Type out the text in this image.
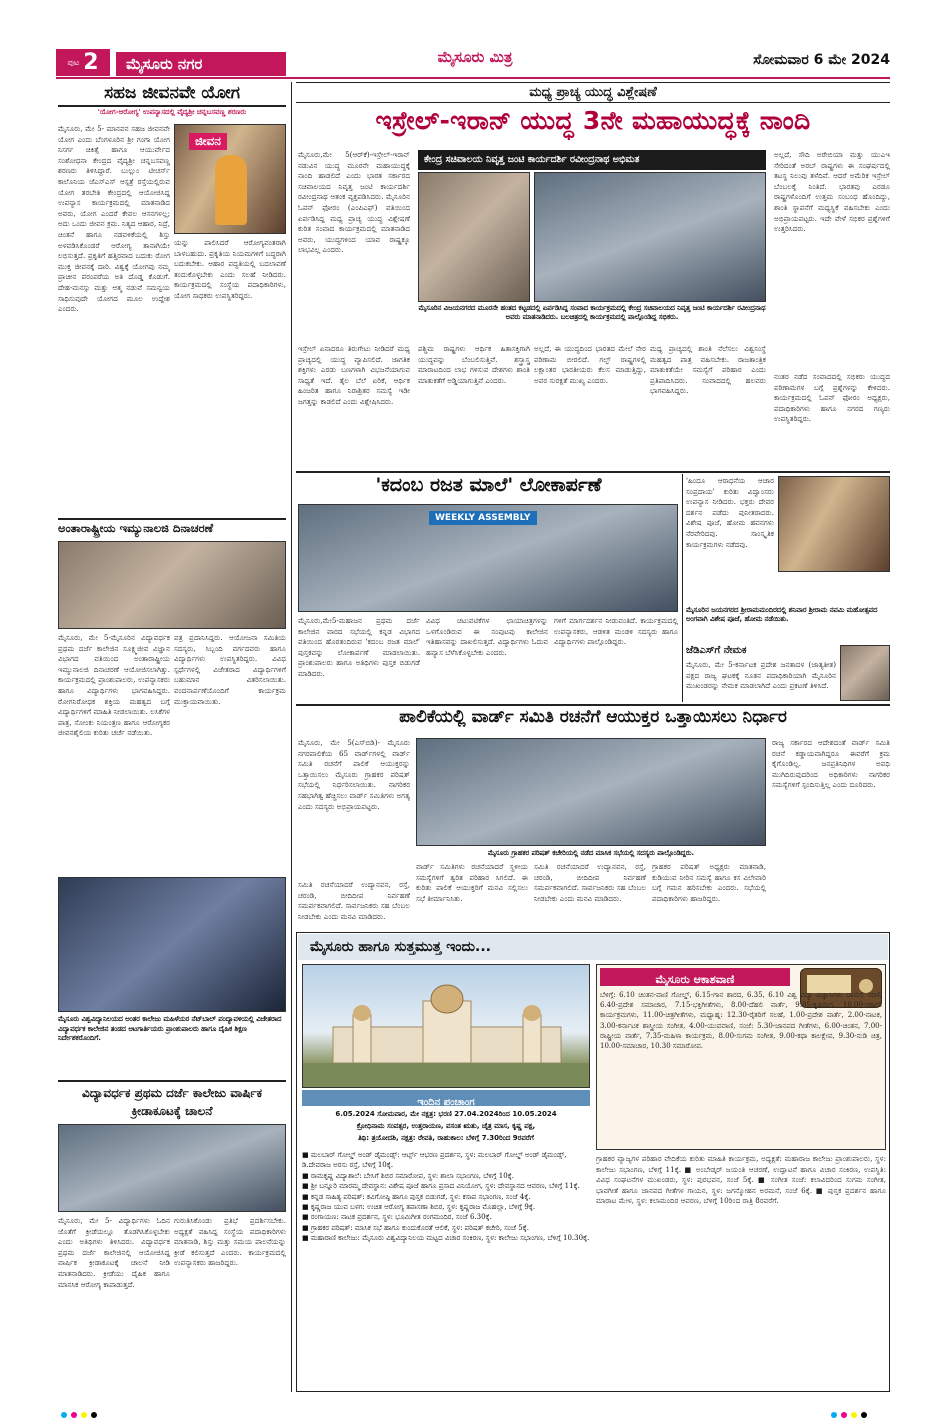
ಪುಟ 2	ಮೈಸೂರು ನಗರ	ಮೈಸೂರು ಮಿತ್ರ	ಸೋಮವಾರ 6 ಮೇ 2024
ಸಹಜ ಜೀವನವೇ ಯೋಗ
'ಯೋಗ-ಆರೋಗ್ಯ' ಉಪನ್ಯಾಸದಲ್ಲಿ ವೈದ್ಯಶ್ರೀ ಚನ್ನಬಸವಣ್ಣ ಶರಣರು
ಮೈಸೂರು, ಮೇ 5- ಮಾನವನ ಸಹಜ ಜೀವನವೇ ಯೋಗ ಎಂದು ಬೆಂಗಳೂರಿನ ಶ್ರೀ ಗಂಗಾ ಯೋಗ ನಿಸರ್ಗ ಚಿಕಿತ್ಸೆ ಹಾಗೂ ಆಯುರ್ವೇದ ಸಂಶೋಧನಾ ಕೇಂದ್ರದ ವೈದ್ಯಶ್ರೀ ಚನ್ನಬಸವಣ್ಣ ಶರಣರು ತಿಳಿಸಿದ್ದಾರೆ. ಬುಲ್ಲುಂ ಟೀಚರ್ಸ್ ಕಾಲೊನಿಯ ಜೆಎಸ್‌ಎಸ್ ಆಸ್ಪತ್ರೆ ರಸ್ತೆಯಲ್ಲಿರುವ ಯೋಗ ತರಬೇತಿ ಕೇಂದ್ರದಲ್ಲಿ ಆಯೋಜಿಸಿದ್ದ ಉಪನ್ಯಾಸ ಕಾರ್ಯಕ್ರಮದಲ್ಲಿ ಮಾತನಾಡಿದ ಅವರು, ಯೋಗ ಎಂದರೆ ಕೇವಲ ಆಸನಗಳಲ್ಲ; ಅದು ಒಂದು ಜೀವನ ಕ್ರಮ. ನಿತ್ಯದ ಆಹಾರ, ನಿದ್ರೆ, ಚಿಂತನೆ ಹಾಗೂ ನಡವಳಿಕೆಯಲ್ಲಿ ಶಿಸ್ತು ಅಳವಡಿಸಿಕೊಂಡರೆ ಆರೋಗ್ಯ ತಾನಾಗಿಯೇ ಲಭಿಸುತ್ತದೆ. ಪ್ರಕೃತಿಗೆ ಹತ್ತಿರವಾದ ಬದುಕು ರೋಗ ಮುಕ್ತ ಜೀವನಕ್ಕೆ ದಾರಿ. ವಿಶ್ವಕ್ಕೆ ಯೋಗವು ನಮ್ಮ ಪ್ರಾಚೀನ ಪರಂಪರೆಯ ಅತಿ ದೊಡ್ಡ ಕೊಡುಗೆ. ದೇಹ-ಮನಸ್ಸು ಮತ್ತು ಆತ್ಮ ನಡುವೆ ಸಮನ್ವಯ ಸಾಧಿಸುವುದೇ ಯೋಗದ ಮೂಲ ಉದ್ದೇಶ ಎಂದರು.
ಜೀವನ
ಯನ್ನು ಪಾಲಿಸಿದರೆ ಆರೋಗ್ಯವಂತರಾಗಿ ಬಾಳಬಹುದು. ಪ್ರಕೃತಿಯ ನಿಯಮಗಳಿಗೆ ಬದ್ಧರಾಗಿ ಬದುಕಬೇಕು. ಆಹಾರ ಪದ್ಧತಿಯಲ್ಲಿ ಬದಲಾವಣೆ ತಂದುಕೊಳ್ಳಬೇಕು ಎಂದು ಸಲಹೆ ನೀಡಿದರು. ಕಾರ್ಯಕ್ರಮದಲ್ಲಿ ಸಂಸ್ಥೆಯ ಪದಾಧಿಕಾರಿಗಳು, ಯೋಗ ಸಾಧಕರು ಉಪಸ್ಥಿತರಿದ್ದರು.
ಅಂತಾರಾಷ್ಟ್ರೀಯ ಇಮ್ಯುನಾಲಜಿ ದಿನಾಚರಣೆ
ಮೈಸೂರು, ಮೇ 5-ಮೈಸೂರಿನ ವಿದ್ಯಾವರ್ಧಕ ಪ್ರಥಮ ದರ್ಜೆ ಕಾಲೇಜಿನ ಸೂಕ್ಷ್ಮಜೀವ ವಿಜ್ಞಾನ ವಿಭಾಗದ ವತಿಯಿಂದ ಅಂತಾರಾಷ್ಟ್ರೀಯ ಇಮ್ಯುನಾಲಜಿ ದಿನಾಚರಣೆ ಆಯೋಜಿಸಲಾಗಿತ್ತು. ಕಾರ್ಯಕ್ರಮದಲ್ಲಿ ಪ್ರಾಂಶುಪಾಲರು, ಉಪನ್ಯಾಸಕರು ಹಾಗೂ ವಿದ್ಯಾರ್ಥಿಗಳು ಭಾಗವಹಿಸಿದ್ದರು. ರೋಗನಿರೋಧಕ ಶಕ್ತಿಯ ಮಹತ್ವದ ಬಗ್ಗೆ ವಿದ್ಯಾರ್ಥಿಗಳಿಗೆ ಮಾಹಿತಿ ನೀಡಲಾಯಿತು. ಲಸಿಕೆಗಳ ಪಾತ್ರ, ಸೋಂಕು ನಿಯಂತ್ರಣ ಹಾಗೂ ಆರೋಗ್ಯಕರ ಜೀವನಶೈಲಿಯ ಕುರಿತು ಚರ್ಚೆ ನಡೆಯಿತು.
ಪತ್ರ ಪ್ರದಾನಿಸಿದ್ದರು. ಆಯೋಜನಾ ಸಮಿತಿಯ ಸದಸ್ಯರು, ಸಿಬ್ಬಂದಿ ವರ್ಗದವರು ಹಾಗೂ ವಿದ್ಯಾರ್ಥಿಗಳು ಉಪಸ್ಥಿತರಿದ್ದರು. ವಿವಿಧ ಸ್ಪರ್ಧೆಗಳಲ್ಲಿ ವಿಜೇತರಾದ ವಿದ್ಯಾರ್ಥಿಗಳಿಗೆ ಬಹುಮಾನ ವಿತರಿಸಲಾಯಿತು. ವಂದನಾರ್ಪಣೆಯೊಂದಿಗೆ ಕಾರ್ಯಕ್ರಮ ಮುಕ್ತಾಯವಾಯಿತು.
ಮೈಸೂರು ವಿಶ್ವವಿದ್ಯಾನಿಲಯದ ಅಂತರ ಕಾಲೇಜು ಮಹಿಳೆಯರ ನೆಟ್‌ಬಾಲ್ ಪಂದ್ಯಾವಳಿಯಲ್ಲಿ ವಿಜೇತರಾದ ವಿದ್ಯಾವರ್ಧಕ ಕಾಲೇಜಿನ ತಂಡದ ಆಟಗಾರ್ತಿಯರು ಪ್ರಾಂಶುಪಾಲರು ಹಾಗೂ ದೈಹಿಕ ಶಿಕ್ಷಣ ನಿರ್ದೇಶಕರೊಂದಿಗೆ.
ವಿದ್ಯಾವರ್ಧಕ ಪ್ರಥಮ ದರ್ಜೆ ಕಾಲೇಜು ವಾರ್ಷಿಕ ಕ್ರೀಡಾಕೂಟಕ್ಕೆ ಚಾಲನೆ
ಮೈಸೂರು, ಮೇ 5- ವಿದ್ಯಾರ್ಥಿಗಳು ಓದಿನ ಜೊತೆಗೆ ಕ್ರೀಡೆಯಲ್ಲೂ ತೊಡಗಿಸಿಕೊಳ್ಳಬೇಕು ಎಂದು ಅತಿಥಿಗಳು ತಿಳಿಸಿದರು. ವಿದ್ಯಾವರ್ಧಕ ಪ್ರಥಮ ದರ್ಜೆ ಕಾಲೇಜಿನಲ್ಲಿ ಆಯೋಜಿಸಿದ್ದ ವಾರ್ಷಿಕ ಕ್ರೀಡಾಕೂಟಕ್ಕೆ ಚಾಲನೆ ನೀಡಿ ಮಾತನಾಡಿದರು. ಕ್ರೀಡೆಯು ದೈಹಿಕ ಹಾಗೂ ಮಾನಸಿಕ ಆರೋಗ್ಯ ಕಾಪಾಡುತ್ತದೆ.
ಗುರುತಿಸಿಕೊಂಡು ಪ್ರತಿಭೆ ಪ್ರದರ್ಶಿಸಬೇಕು. ಅಧ್ಯಕ್ಷತೆ ವಹಿಸಿದ್ದ ಸಂಸ್ಥೆಯ ಪದಾಧಿಕಾರಿಗಳು ಮಾತನಾಡಿ, ಶಿಸ್ತು ಮತ್ತು ಸಮಯ ಪಾಲನೆಯನ್ನು ಕ್ರೀಡೆ ಕಲಿಸುತ್ತದೆ ಎಂದರು. ಕಾರ್ಯಕ್ರಮದಲ್ಲಿ ಉಪನ್ಯಾಸಕರು ಹಾಜರಿದ್ದರು.
ಮಧ್ಯ ಪ್ರಾಚ್ಯ ಯುದ್ಧ ವಿಶ್ಲೇಷಣೆ
ಇಸ್ರೇಲ್-ಇರಾನ್ ಯುದ್ಧ 3ನೇ ಮಹಾಯುದ್ಧಕ್ಕೆ ನಾಂದಿ
ಮೈಸೂರು,ಮೇ 5(ಆರ್‌ಕೆ)-ಇಸ್ರೇಲ್-ಇರಾನ್ ನಡುವಿನ ಯುದ್ಧ ಮೂರನೇ ಮಹಾಯುದ್ಧಕ್ಕೆ ನಾಂದಿ ಹಾಡಲಿದೆ ಎಂದು ಭಾರತ ಸರ್ಕಾರದ ಸಚಿವಾಲಯದ ನಿವೃತ್ತ ಜಂಟಿ ಕಾರ್ಯದರ್ಶಿ ರವೀಂದ್ರನಾಥ ಆತಂಕ ವ್ಯಕ್ತಪಡಿಸಿದರು. ಮೈಸೂರಿನ ಓಪನ್ ಫೋರಂ (ಎಂಪಿಎಫ್) ವತಿಯಿಂದ ಏರ್ಪಡಿಸಿದ್ದ ಮಧ್ಯ ಪ್ರಾಚ್ಯ ಯುದ್ಧ ವಿಶ್ಲೇಷಣೆ ಕುರಿತ ಸಂವಾದ ಕಾರ್ಯಕ್ರಮದಲ್ಲಿ ಮಾತನಾಡಿದ ಅವರು, ಯುದ್ಧಗಳಿಂದ ಯಾವ ರಾಷ್ಟ್ರಕ್ಕೂ ಲಾಭವಿಲ್ಲ ಎಂದರು.
ಕೇಂದ್ರ ಸಚಿವಾಲಯ ನಿವೃತ್ತ ಜಂಟಿ ಕಾರ್ಯದರ್ಶಿ ರವೀಂದ್ರನಾಥ ಅಭಿಮತ
ಮೈಸೂರಿನ ವಿಜಯನಗರದ ಮೂರನೇ ಹಂತದ ಕಟ್ಟಡದಲ್ಲಿ ಏರ್ಪಡಿಸಿದ್ದ ಸಂವಾದ ಕಾರ್ಯಕ್ರಮದಲ್ಲಿ ಕೇಂದ್ರ ಸಚಿವಾಲಯದ ನಿವೃತ್ತ ಜಂಟಿ ಕಾರ್ಯದರ್ಶಿ ರವೀಂದ್ರನಾಥ ಅವರು ಮಾತನಾಡಿದರು. ಬಲಚಿತ್ರದಲ್ಲಿ ಕಾರ್ಯಕ್ರಮದಲ್ಲಿ ಪಾಲ್ಗೊಂಡಿದ್ದ ಸಭಿಕರು.
ಅಲ್ಲದೆ, ಸೌದಿ ಅರೇಬಿಯಾ ಮತ್ತು ಯುಎಇ ಸೇರಿದಂತೆ ಅರಬ್ ರಾಷ್ಟ್ರಗಳು ಈ ಸಂಘರ್ಷದಲ್ಲಿ ತಟಸ್ಥ ನಿಲುವು ತಳೆದಿವೆ. ಆದರೆ ಅಮೆರಿಕ ಇಸ್ರೇಲ್ ಬೆಂಬಲಕ್ಕೆ ನಿಂತಿದೆ. ಭಾರತವು ಎರಡೂ ರಾಷ್ಟ್ರಗಳೊಂದಿಗೆ ಉತ್ತಮ ಸಂಬಂಧ ಹೊಂದಿದ್ದು, ಶಾಂತಿ ಸ್ಥಾಪನೆಗೆ ಮಧ್ಯಸ್ಥಿಕೆ ವಹಿಸಬೇಕು ಎಂದು ಅಭಿಪ್ರಾಯಪಟ್ಟರು. ಇದೇ ವೇಳೆ ಸಭಿಕರ ಪ್ರಶ್ನೆಗಳಿಗೆ ಉತ್ತರಿಸಿದರು.
ನಂತರ ನಡೆದ ಸಂವಾದದಲ್ಲಿ ಸಭಿಕರು ಯುದ್ಧದ ಪರಿಣಾಮಗಳ ಬಗ್ಗೆ ಪ್ರಶ್ನೆಗಳನ್ನು ಕೇಳಿದರು. ಕಾರ್ಯಕ್ರಮದಲ್ಲಿ ಓಪನ್ ಫೋರಂ ಅಧ್ಯಕ್ಷರು, ಪದಾಧಿಕಾರಿಗಳು ಹಾಗೂ ನಗರದ ಗಣ್ಯರು ಉಪಸ್ಥಿತರಿದ್ದರು.
ಇಸ್ರೇಲ್ ಏನಾದರೂ ತಿರುಗೇಟು ನೀಡಿದರೆ ಮಧ್ಯ ಪ್ರಾಚ್ಯದಲ್ಲಿ ಯುದ್ಧ ವ್ಯಾಪಿಸಲಿದೆ. ಜಾಗತಿಕ ಶಕ್ತಿಗಳು ಎರಡು ಬಣಗಳಾಗಿ ವಿಭಜನೆಯಾಗುವ ಸಾಧ್ಯತೆ ಇದೆ. ತೈಲ ಬೆಲೆ ಏರಿಕೆ, ಆರ್ಥಿಕ ಹಿಂಜರಿತ ಹಾಗೂ ನಿರಾಶ್ರಿತರ ಸಮಸ್ಯೆ ಇಡೀ ಜಗತ್ತನ್ನು ಕಾಡಲಿದೆ ಎಂದು ವಿಶ್ಲೇಷಿಸಿದರು.
ಪಶ್ಚಿಮ ರಾಷ್ಟ್ರಗಳು ಆರ್ಥಿಕ ಹಿತಾಸಕ್ತಿಗಾಗಿ ಯುದ್ಧವನ್ನು ಬೆಂಬಲಿಸುತ್ತಿವೆ. ಶಸ್ತ್ರಾಸ್ತ್ರ ಮಾರಾಟದಿಂದ ಲಾಭ ಗಳಿಸುವ ದೇಶಗಳು ಶಾಂತಿ ಮಾತುಕತೆಗೆ ಅಡ್ಡಿಯಾಗುತ್ತಿವೆ ಎಂದರು.
ಅಲ್ಲದೆ, ಈ ಯುದ್ಧದಿಂದ ಭಾರತದ ಮೇಲೆ ನೇರ ಪರಿಣಾಮ ಬೀರಲಿದೆ. ಗಲ್ಫ್ ರಾಷ್ಟ್ರಗಳಲ್ಲಿ ಲಕ್ಷಾಂತರ ಭಾರತೀಯರು ಕೆಲಸ ಮಾಡುತ್ತಿದ್ದು, ಅವರ ಸುರಕ್ಷತೆ ಮುಖ್ಯ ಎಂದರು.
ಮಧ್ಯ ಪ್ರಾಚ್ಯದಲ್ಲಿ ಶಾಂತಿ ನೆಲೆಸಲು ವಿಶ್ವಸಂಸ್ಥೆ ಮಹತ್ವದ ಪಾತ್ರ ವಹಿಸಬೇಕು. ರಾಜತಾಂತ್ರಿಕ ಮಾತುಕತೆಯೇ ಸಮಸ್ಯೆಗೆ ಪರಿಹಾರ ಎಂದು ಪ್ರತಿಪಾದಿಸಿದರು. ಸಂವಾದದಲ್ಲಿ ಹಲವರು ಭಾಗವಹಿಸಿದ್ದರು.
'ಕದಂಬ ರಜತ ಮಾಲೆ' ಲೋಕಾರ್ಪಣೆ
WEEKLY ASSEMBLY
ಮೈಸೂರು,ಮೇ5-ಮಹಾಜನ ಪ್ರಥಮ ದರ್ಜೆ ಕಾಲೇಜಿನ ವಾರದ ಸಭೆಯಲ್ಲಿ ಕನ್ನಡ ವಿಭಾಗದ ವತಿಯಿಂದ ಹೊರತಂದಿರುವ 'ಕದಂಬ ರಜತ ಮಾಲೆ' ಪುಸ್ತಕವನ್ನು ಲೋಕಾರ್ಪಣೆ ಮಾಡಲಾಯಿತು. ಪ್ರಾಂಶುಪಾಲರು ಹಾಗೂ ಅತಿಥಿಗಳು ಪುಸ್ತಕ ಬಿಡುಗಡೆ ಮಾಡಿದರು.
ವಿವಿಧ ಚಟುವಟಿಕೆಗಳ ಛಾಯಾಚಿತ್ರಗಳನ್ನು ಒಳಗೊಂಡಿರುವ ಈ ಸಂಪುಟವು ಕಾಲೇಜಿನ ಇತಿಹಾಸವನ್ನು ದಾಖಲಿಸುತ್ತದೆ. ವಿದ್ಯಾರ್ಥಿಗಳು ಓದುವ ಹವ್ಯಾಸ ಬೆಳೆಸಿಕೊಳ್ಳಬೇಕು ಎಂದರು.
ಗಳಿಗೆ ಮಾರ್ಗದರ್ಶನ ನೀಡುವಂತಿದೆ. ಕಾರ್ಯಕ್ರಮದಲ್ಲಿ ಉಪನ್ಯಾಸಕರು, ಆಡಳಿತ ಮಂಡಳಿ ಸದಸ್ಯರು ಹಾಗೂ ವಿದ್ಯಾರ್ಥಿಗಳು ಪಾಲ್ಗೊಂಡಿದ್ದರು.
'ಹಿಂದೂ ಆರಾಧನೆಯ ಆಚಾರ ಸಂಪ್ರದಾಯ' ಕುರಿತು ವಿದ್ವಾಂಸರು ಉಪನ್ಯಾಸ ನೀಡಿದರು. ಭಕ್ತರು ದೇವರ ದರ್ಶನ ಪಡೆದು ಪುನೀತರಾದರು. ವಿಶೇಷ ಪೂಜೆ, ಹೋಮ ಹವನಗಳು ನೆರವೇರಿದವು. ಸಾಂಸ್ಕೃತಿಕ ಕಾರ್ಯಕ್ರಮಗಳು ನಡೆದವು.
ಮೈಸೂರಿನ ಜಯನಗರದ ಶ್ರೀರಾಮಮಂದಿರದಲ್ಲಿ ಶನಿವಾರ ಶ್ರೀರಾಮ ನವಮಿ ಮಹೋತ್ಸವದ ಅಂಗವಾಗಿ ವಿಶೇಷ ಪೂಜೆ, ಹೋಮ ನಡೆಯಿತು.
ಜೆಡಿಎಸ್‌ಗೆ ನೇಮಕ
ಮೈಸೂರು, ಮೇ 5-ಕರ್ನಾಟಕ ಪ್ರದೇಶ ಜನತಾದಳ (ಜಾತ್ಯತೀತ) ಪಕ್ಷದ ರಾಜ್ಯ ಘಟಕಕ್ಕೆ ನೂತನ ಪದಾಧಿಕಾರಿಯಾಗಿ ಮೈಸೂರಿನ ಮುಖಂಡರನ್ನು ನೇಮಕ ಮಾಡಲಾಗಿದೆ ಎಂದು ಪ್ರಕಟಣೆ ತಿಳಿಸಿದೆ.
ಪಾಲಿಕೆಯಲ್ಲಿ ವಾರ್ಡ್ ಸಮಿತಿ ರಚನೆಗೆ ಆಯುಕ್ತರ ಒತ್ತಾಯಿಸಲು ನಿರ್ಧಾರ
ಮೈಸೂರು, ಮೇ 5(ಎಸ್‌ಬಿಡಿ)- ಮೈಸೂರು ನಗರಪಾಲಿಕೆಯ 65 ವಾರ್ಡ್‌ಗಳಲ್ಲಿ ವಾರ್ಡ್ ಸಮಿತಿ ರಚನೆಗೆ ಪಾಲಿಕೆ ಆಯುಕ್ತರನ್ನು ಒತ್ತಾಯಿಸಲು ಮೈಸೂರು ಗ್ರಾಹಕರ ಪರಿಷತ್ ಸಭೆಯಲ್ಲಿ ನಿರ್ಧರಿಸಲಾಯಿತು. ನಾಗರಿಕರ ಸಹಭಾಗಿತ್ವ ಹೆಚ್ಚಿಸಲು ವಾರ್ಡ್ ಸಮಿತಿಗಳು ಅಗತ್ಯ ಎಂದು ಸದಸ್ಯರು ಅಭಿಪ್ರಾಯಪಟ್ಟರು.
ಮೈಸೂರು ಗ್ರಾಹಕರ ಪರಿಷತ್ ಕಚೇರಿಯಲ್ಲಿ ನಡೆದ ಮಾಸಿಕ ಸಭೆಯಲ್ಲಿ ಸದಸ್ಯರು ಪಾಲ್ಗೊಂಡಿದ್ದರು.
ರಾಜ್ಯ ಸರ್ಕಾರದ ಆದೇಶದಂತೆ ವಾರ್ಡ್ ಸಮಿತಿ ರಚನೆ ಕಡ್ಡಾಯವಾಗಿದ್ದರೂ ಈವರೆಗೆ ಕ್ರಮ ಕೈಗೊಂಡಿಲ್ಲ. ಜನಪ್ರತಿನಿಧಿಗಳ ಅವಧಿ ಮುಗಿದಿರುವುದರಿಂದ ಅಧಿಕಾರಿಗಳು ನಾಗರಿಕರ ಸಮಸ್ಯೆಗಳಿಗೆ ಸ್ಪಂದಿಸುತ್ತಿಲ್ಲ ಎಂದು ದೂರಿದರು.
ವಾರ್ಡ್ ಸಮಿತಿಗಳು ರಚನೆಯಾದರೆ ಸ್ಥಳೀಯ ಸಮಸ್ಯೆಗಳಿಗೆ ತ್ವರಿತ ಪರಿಹಾರ ಸಿಗಲಿದೆ. ಈ ಕುರಿತು ಪಾಲಿಕೆ ಆಯುಕ್ತರಿಗೆ ಮನವಿ ಸಲ್ಲಿಸಲು ಸಭೆ ತೀರ್ಮಾನಿಸಿತು.
ಸಮಿತಿ ರಚನೆಯಾದರೆ ಉದ್ಯಾನವನ, ರಸ್ತೆ, ಚರಂಡಿ, ಬೀದಿದೀಪ ನಿರ್ವಹಣೆ ಸಮರ್ಪಕವಾಗಲಿದೆ. ಸಾರ್ವಜನಿಕರು ಸಹ ಬೆಂಬಲ ನೀಡಬೇಕು ಎಂದು ಮನವಿ ಮಾಡಿದರು.
ಗ್ರಾಹಕರ ಪರಿಷತ್ ಅಧ್ಯಕ್ಷರು ಮಾತನಾಡಿ, ಕುಡಿಯುವ ನೀರಿನ ಸಮಸ್ಯೆ ಹಾಗೂ ಕಸ ವಿಲೇವಾರಿ ಬಗ್ಗೆ ಗಮನ ಹರಿಸಬೇಕು ಎಂದರು. ಸಭೆಯಲ್ಲಿ ಪದಾಧಿಕಾರಿಗಳು ಹಾಜರಿದ್ದರು.
ಸಮಿತಿ ರಚನೆಯಾದರೆ ಉದ್ಯಾನವನ, ರಸ್ತೆ, ಚರಂಡಿ, ಬೀದಿದೀಪ ನಿರ್ವಹಣೆ ಸಮರ್ಪಕವಾಗಲಿದೆ. ಸಾರ್ವಜನಿಕರು ಸಹ ಬೆಂಬಲ ನೀಡಬೇಕು ಎಂದು ಮನವಿ ಮಾಡಿದರು.
ಮೈಸೂರು ಹಾಗೂ ಸುತ್ತಮುತ್ತ ಇಂದು...
ಇಂದಿನ ಪಂಚಾಂಗ
6.05.2024 ಸೋಮವಾರ, ಮೇ ನಕ್ಷತ್ರ: ಭರಣಿ 27.04.2024ರಿಂದ 10.05.2024
ಕ್ರೋಧಿನಾಮ ಸಂವತ್ಸರ, ಉತ್ತರಾಯಣ, ವಸಂತ ಋತು, ಚೈತ್ರ ಮಾಸ, ಕೃಷ್ಣ ಪಕ್ಷ,
ತಿಥಿ: ತ್ರಯೋದಶಿ, ನಕ್ಷತ್ರ: ರೇವತಿ, ರಾಹುಕಾಲ: ಬೆಳಿಗ್ಗೆ 7.30ರಿಂದ 9ರವರೆಗೆ
■ ಮಲಬಾರ್ ಗೋಲ್ಡ್ ಅಂಡ್ ಡೈಮಂಡ್ಸ್: ಆರ್ಟ್ಸ್ ಆಭರಣ ಪ್ರದರ್ಶನ, ಸ್ಥಳ: ಮಲಬಾರ್ ಗೋಲ್ಡ್ ಅಂಡ್ ಡೈಮಂಡ್ಸ್, ಡಿ.ದೇವರಾಜ ಅರಸು ರಸ್ತೆ, ಬೆಳಿಗ್ಗೆ 10ಕ್ಕೆ.
■ ರಾಮಕೃಷ್ಣ ವಿದ್ಯಾಶಾಲೆ: ಬೇಸಿಗೆ ಶಿಬಿರ ಸಮಾರೋಪ, ಸ್ಥಳ: ಶಾಲಾ ಸಭಾಂಗಣ, ಬೆಳಿಗ್ಗೆ 10ಕ್ಕೆ.
■ ಶ್ರೀ ಬನ್ನೂರಿ ಮಾರಮ್ಮ ದೇವಸ್ಥಾನ: ವಿಶೇಷ ಪೂಜೆ ಹಾಗೂ ಪ್ರಸಾದ ವಿನಿಯೋಗ, ಸ್ಥಳ: ದೇವಸ್ಥಾನದ ಆವರಣ, ಬೆಳಿಗ್ಗೆ 11ಕ್ಕೆ.
■ ಕನ್ನಡ ಸಾಹಿತ್ಯ ಪರಿಷತ್: ಕವಿಗೋಷ್ಠಿ ಹಾಗೂ ಪುಸ್ತಕ ಬಿಡುಗಡೆ, ಸ್ಥಳ: ಕಸಾಪ ಸಭಾಂಗಣ, ಸಂಜೆ 4ಕ್ಕೆ.
■ ಕೃಷ್ಣರಾಜ ಯುವ ಬಳಗ: ಉಚಿತ ಆರೋಗ್ಯ ತಪಾಸಣಾ ಶಿಬಿರ, ಸ್ಥಳ: ಕೃಷ್ಣರಾಜ ಮೊಹಲ್ಲಾ, ಬೆಳಿಗ್ಗೆ 9ಕ್ಕೆ.
■ ರಂಗಾಯಣ: ನಾಟಕ ಪ್ರದರ್ಶನ, ಸ್ಥಳ: ಭೂಮಿಗೀತ ರಂಗಮಂದಿರ, ಸಂಜೆ 6.30ಕ್ಕೆ.
■ ಗ್ರಾಹಕರ ಪರಿಷತ್: ಮಾಸಿಕ ಸಭೆ ಹಾಗೂ ಕುಂದುಕೊರತೆ ಆಲಿಕೆ, ಸ್ಥಳ: ಪರಿಷತ್ ಕಚೇರಿ, ಸಂಜೆ 5ಕ್ಕೆ.
■ ಮಹಾರಾಣಿ ಕಾಲೇಜು: ಮೈಸೂರು ವಿಶ್ವವಿದ್ಯಾನಿಲಯ ಮಟ್ಟದ ವಿಚಾರ ಸಂಕಿರಣ, ಸ್ಥಳ: ಕಾಲೇಜು ಸಭಾಂಗಣ, ಬೆಳಿಗ್ಗೆ 10.30ಕ್ಕೆ.
ಮೈಸೂರು ಆಕಾಶವಾಣಿ
ಬೆಳಿಗ್ಗೆ: 6.10 ಚಿಂತನ-ವಾಣಿ ಗೋಲ್ಡ್, 6.15-ಗಾನ ಶಾರದ, 6.35, 6.10 ವಿಶ್ವ ವಿದ್ಯಾ ವಿಜ್ಞಾನಿಗಳು ಬಾನುಲಿ ಸರಣಿ, 6.40-ಪ್ರದೇಶ ಸಮಾಚಾರ, 7.15-ಭಕ್ತಿಗೀತೆಗಳು, 8.00-ದೆಹಲಿ ವಾರ್ತೆ, 9.05-ಕೃಷಿರಂಗ, 10.00-ಸರ್ಕಾರಿ ಕಾರ್ಯಕ್ರಮಗಳು, 11.00-ಚಿತ್ರಗೀತೆಗಳು, ಮಧ್ಯಾಹ್ನ: 12.30-ರೈತರಿಗೆ ಸಲಹೆ, 1.00-ಪ್ರದೇಶ ವಾರ್ತೆ, 2.00-ನಾಟಕ, 3.00-ಕರ್ನಾಟಕ ಶಾಸ್ತ್ರೀಯ ಸಂಗೀತ, 4.00-ಯುವವಾಣಿ, ಸಂಜೆ: 5.30-ಜಾನಪದ ಗೀತೆಗಳು, 6.00-ಚಿಂತನ, 7.00-ರಾಷ್ಟ್ರೀಯ ವಾರ್ತೆ, 7.35-ಮಹಿಳಾ ಕಾರ್ಯಕ್ರಮ, 8.00-ಸುಗಮ ಸಂಗೀತ, 9.00-ಕಥಾ ಕಾಲಕ್ಷೇಪ, 9.30-ನುಡಿ ಚಿತ್ರ, 10.00-ಸಮಾಚಾರ, 10.30 ಸಮಾರೋಪ.
ಗ್ರಾಹಕರ ವ್ಯಾಜ್ಯಗಳ ಪರಿಹಾರ ವೇದಿಕೆಯ ಕುರಿತು ಮಾಹಿತಿ ಕಾರ್ಯಕ್ರಮ, ಅಧ್ಯಕ್ಷತೆ: ಮಹಾರಾಜ ಕಾಲೇಜು ಪ್ರಾಂಶುಪಾಲರು, ಸ್ಥಳ: ಕಾಲೇಜು ಸಭಾಂಗಣ, ಬೆಳಿಗ್ಗೆ 11ಕ್ಕೆ. ■ ಅಂಬೇಡ್ಕರ್ ಜಯಂತಿ ಆಚರಣೆ, ಉದ್ಘಾಟನೆ ಹಾಗೂ ವಿಚಾರ ಸಂಕಿರಣ, ಉಪಸ್ಥಿತಿ: ವಿವಿಧ ಸಂಘಟನೆಗಳ ಮುಖಂಡರು, ಸ್ಥಳ: ಪುರಭವನ, ಸಂಜೆ 5ಕ್ಕೆ. ■ ಸಂಗೀತ ಸಂಜೆ: ಕಲಾವಿದರಿಂದ ಸುಗಮ ಸಂಗೀತ, ಭಾವಗೀತೆ ಹಾಗೂ ಜಾನಪದ ಗೀತೆಗಳ ಗಾಯನ, ಸ್ಥಳ: ಜಗನ್ಮೋಹನ ಅರಮನೆ, ಸಂಜೆ 6ಕ್ಕೆ. ■ ಪುಸ್ತಕ ಪ್ರದರ್ಶನ ಹಾಗೂ ಮಾರಾಟ ಮೇಳ, ಸ್ಥಳ: ಕಲಾಮಂದಿರ ಆವರಣ, ಬೆಳಿಗ್ಗೆ 10ರಿಂದ ರಾತ್ರಿ 8ರವರೆಗೆ.
